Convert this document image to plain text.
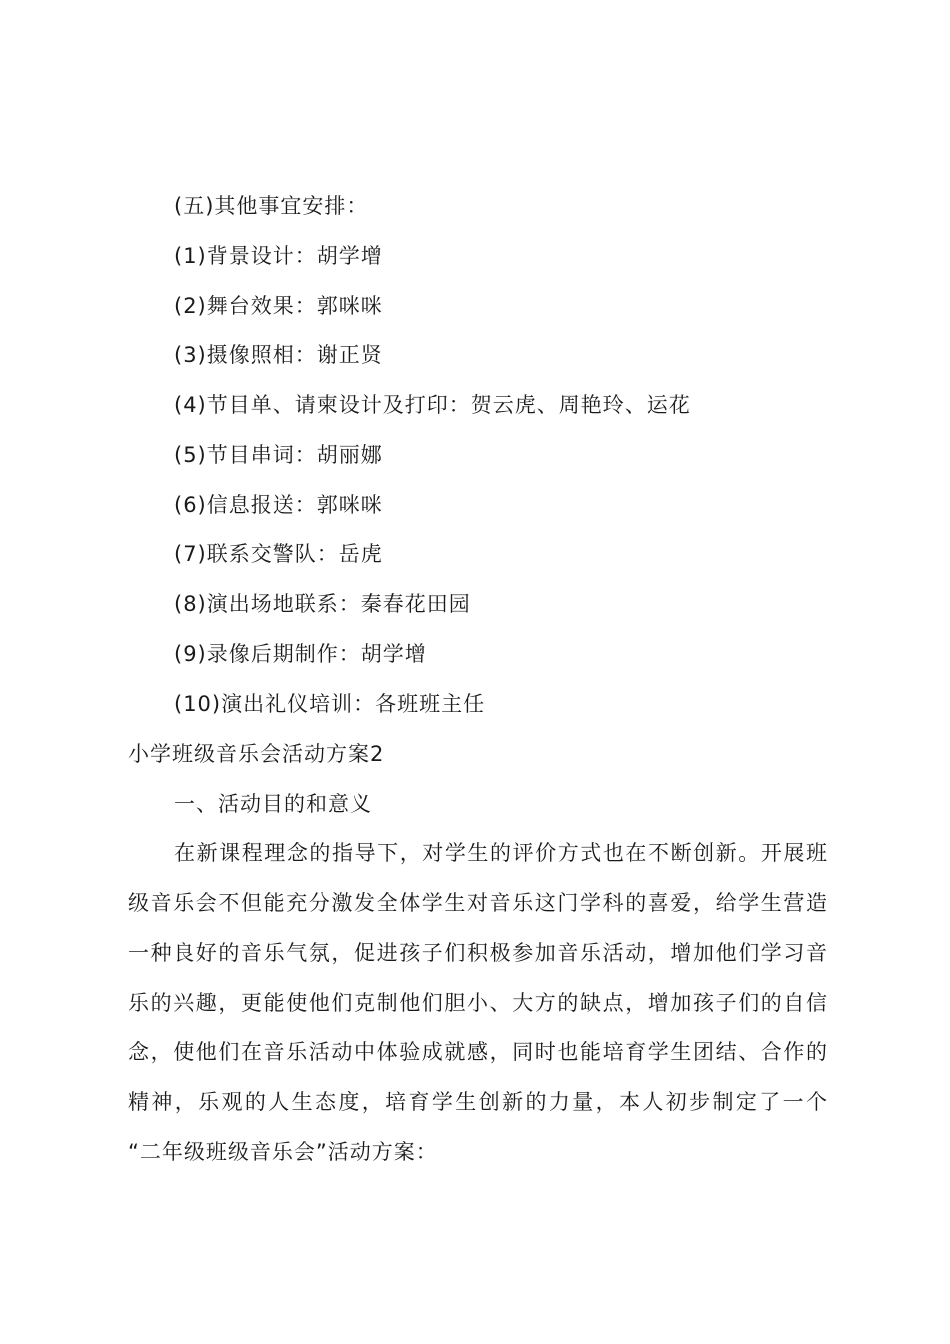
(五)其他事宜安排：
(1)背景设计：胡学增
(2)舞台效果：郭咪咪
(3)摄像照相：谢正贤
(4)节目单、请柬设计及打印：贺云虎、周艳玲、运花
(5)节目串词：胡丽娜
(6)信息报送：郭咪咪
(7)联系交警队：岳虎
(8)演出场地联系：秦春花田园
(9)录像后期制作：胡学增
(10)演出礼仪培训：各班班主任
小学班级音乐会活动方案2
一、活动目的和意义
在新课程理念的指导下，对学生的评价方式也在不断创新。开展班
级音乐会不但能充分激发全体学生对音乐这门学科的喜爱，给学生营造
一种良好的音乐气氛，促进孩子们积极参加音乐活动，增加他们学习音
乐的兴趣，更能使他们克制他们胆小、大方的缺点，增加孩子们的自信
念，使他们在音乐活动中体验成就感，同时也能培育学生团结、合作的
精神，乐观的人生态度，培育学生创新的力量，本人初步制定了一个
“二年级班级音乐会”活动方案：
